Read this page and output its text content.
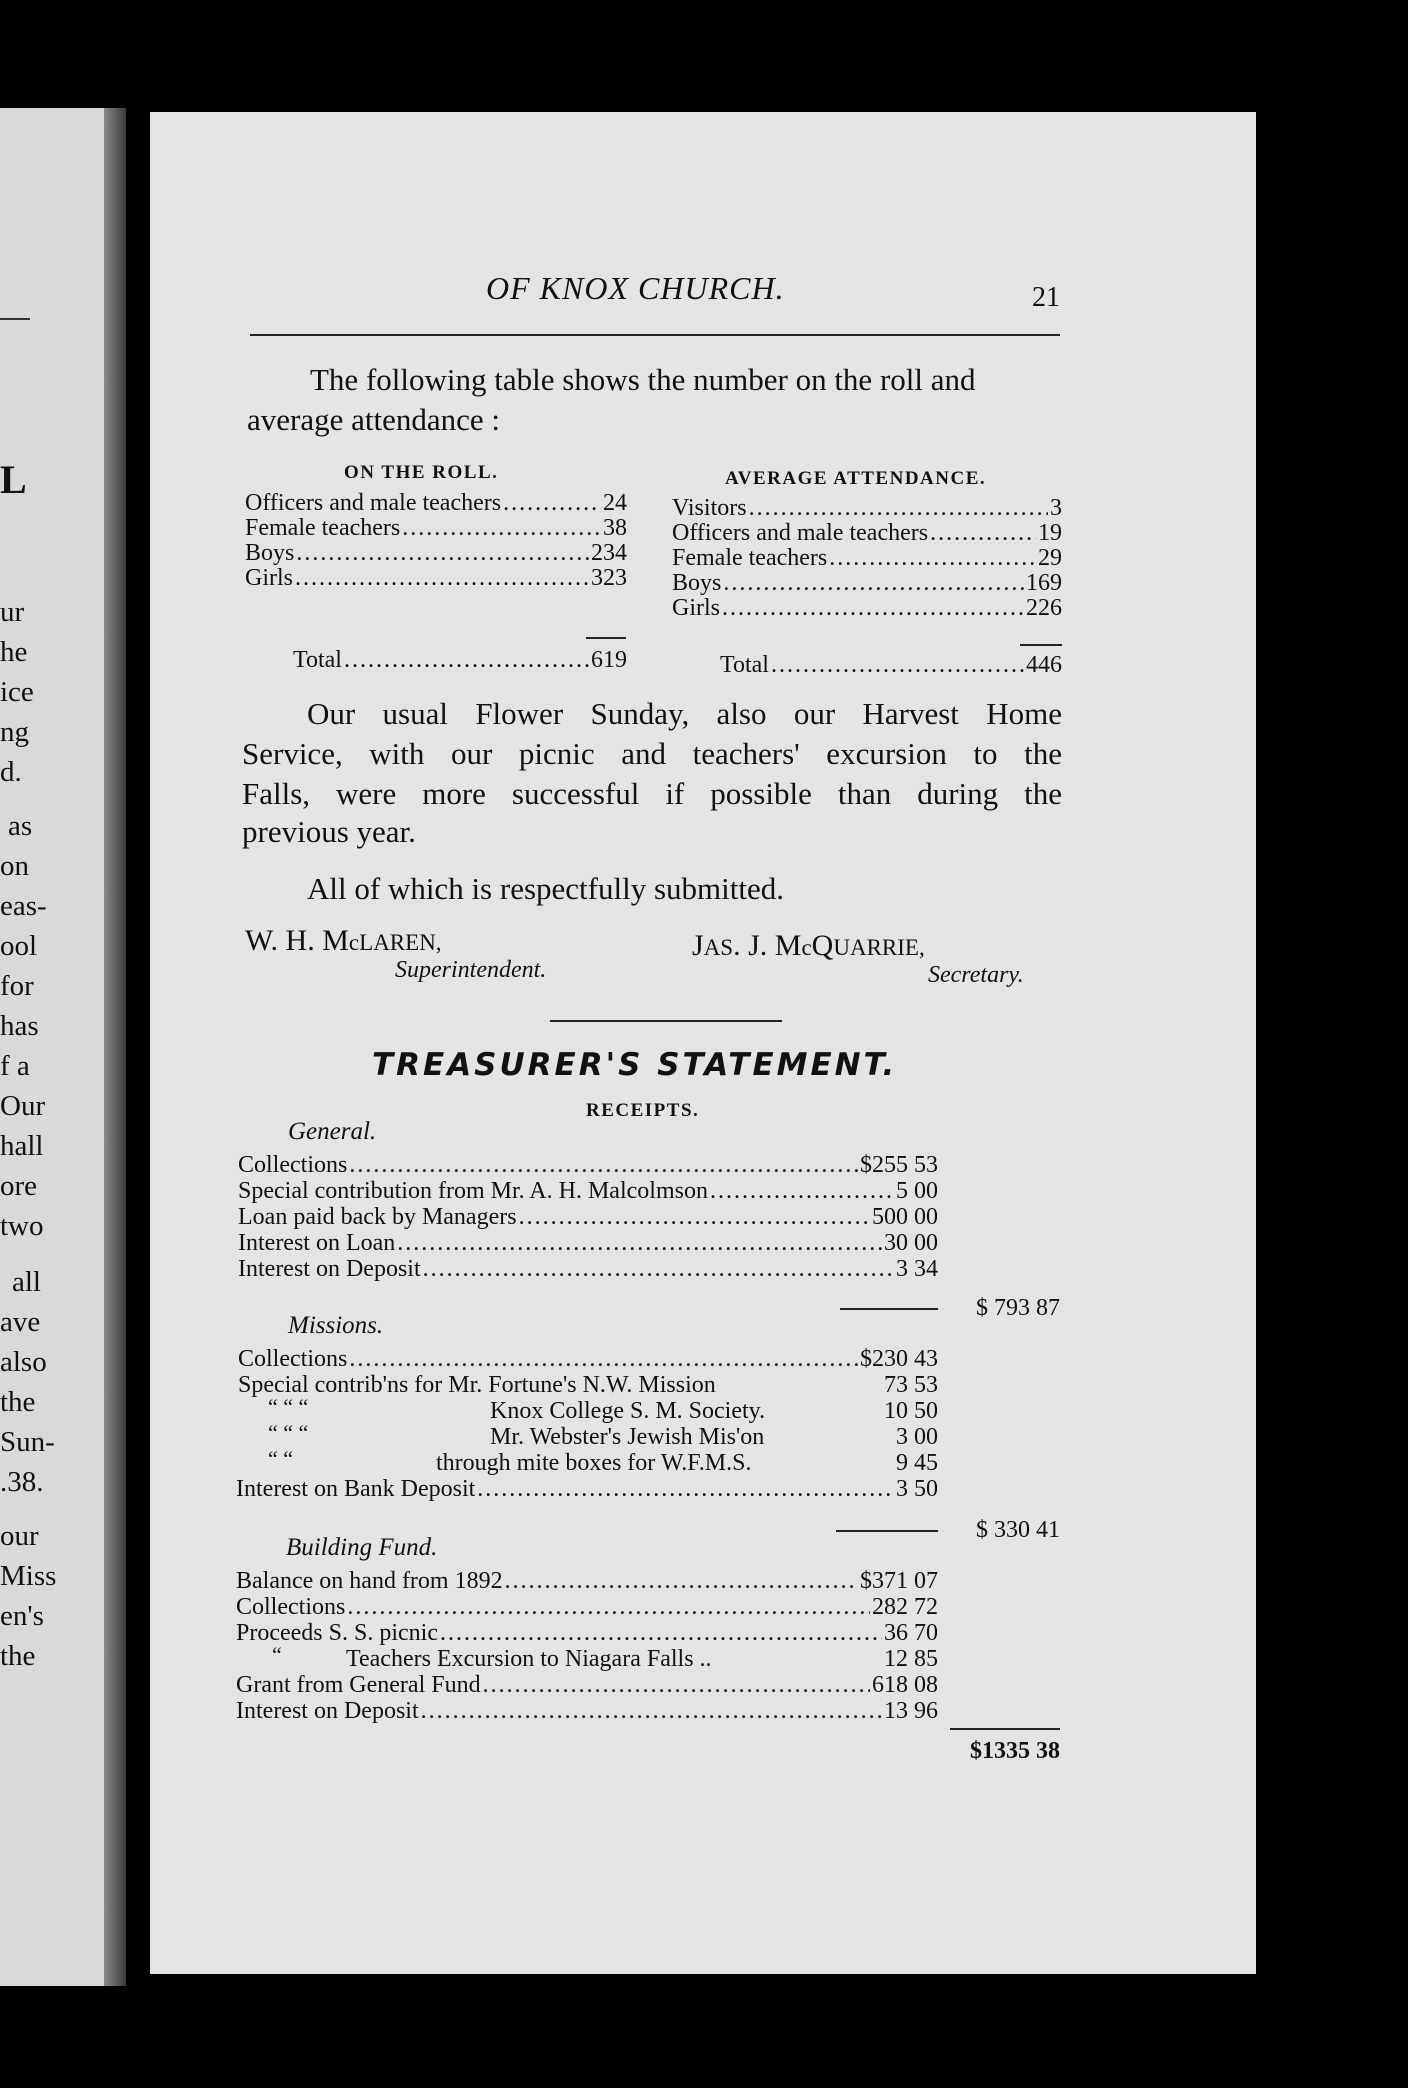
L
ur
he
ice
ng
d.
as
on
eas-
ool
for
has
f a
Our
hall
ore
two
all
ave
also
the
Sun-
.38.
our
Miss
en's
the
OF KNOX CHURCH.	21
The following table shows the number on the roll and
average attendance :
ON THE ROLL.
Officers and male teachers .....	24
Female teachers .....	38
Boys .....	234
Girls .....	323
Total .....	619
AVERAGE ATTENDANCE.
Visitors .....	3
Officers and male teachers .....	19
Female teachers .....	29
Boys .....	169
Girls .....	226
Total .....	446
Our usual Flower Sunday, also our Harvest Home
Service, with our picnic and teachers' excursion to the
Falls, were more successful if possible than during the
previous year.
All of which is respectfully submitted.
W. H. McLAREN,
Superintendent.
JAS. J. McQUARRIE,
Secretary.
TREASURER'S STATEMENT.
RECEIPTS.
General.
Collections .....	$255 53
Special contribution from Mr. A. H. Malcolmson .....	5 00
Loan paid back by Managers .....	500 00
Interest on Loan .....	30 00
Interest on Deposit .....	3 34
$ 793 87
Missions.
Collections .....	$230 43
Special contrib'ns for Mr. Fortune's N.W. Mission	73 53
“ “ “	Knox College S. M. Society.	10 50
“ “ “	Mr. Webster's Jewish Mis'on	3 00
“ “	through mite boxes for W.F.M.S.	9 45
Interest on Bank Deposit .....	3 50
$ 330 41
Building Fund.
Balance on hand from 1892 .....	$371 07
Collections .....	282 72
Proceeds S. S. picnic .....	36 70
“	Teachers Excursion to Niagara Falls ..	12 85
Grant from General Fund .....	618 08
Interest on Deposit .....	13 96
$1335 38
